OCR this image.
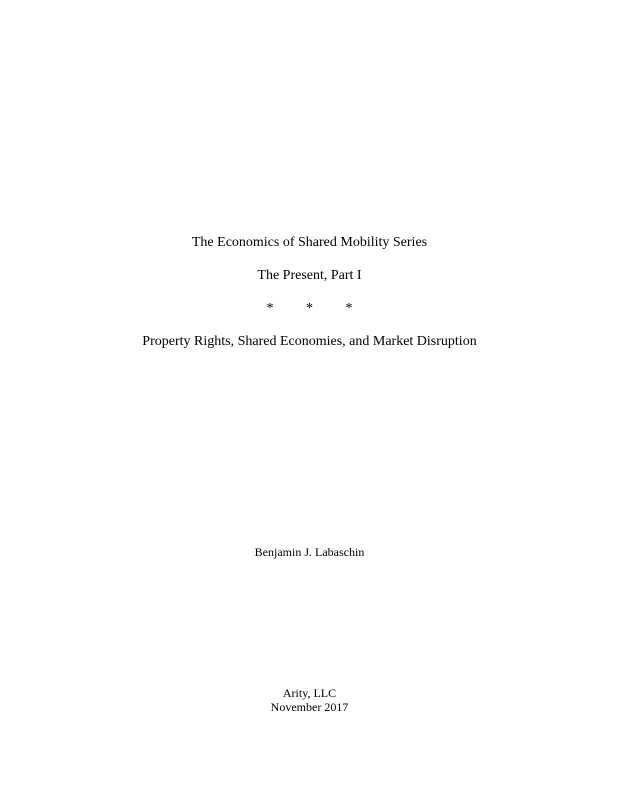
The Economics of Shared Mobility Series
The Present, Part I
* * *
Property Rights, Shared Economies, and Market Disruption
Benjamin J. Labaschin
Arity, LLC
November 2017
